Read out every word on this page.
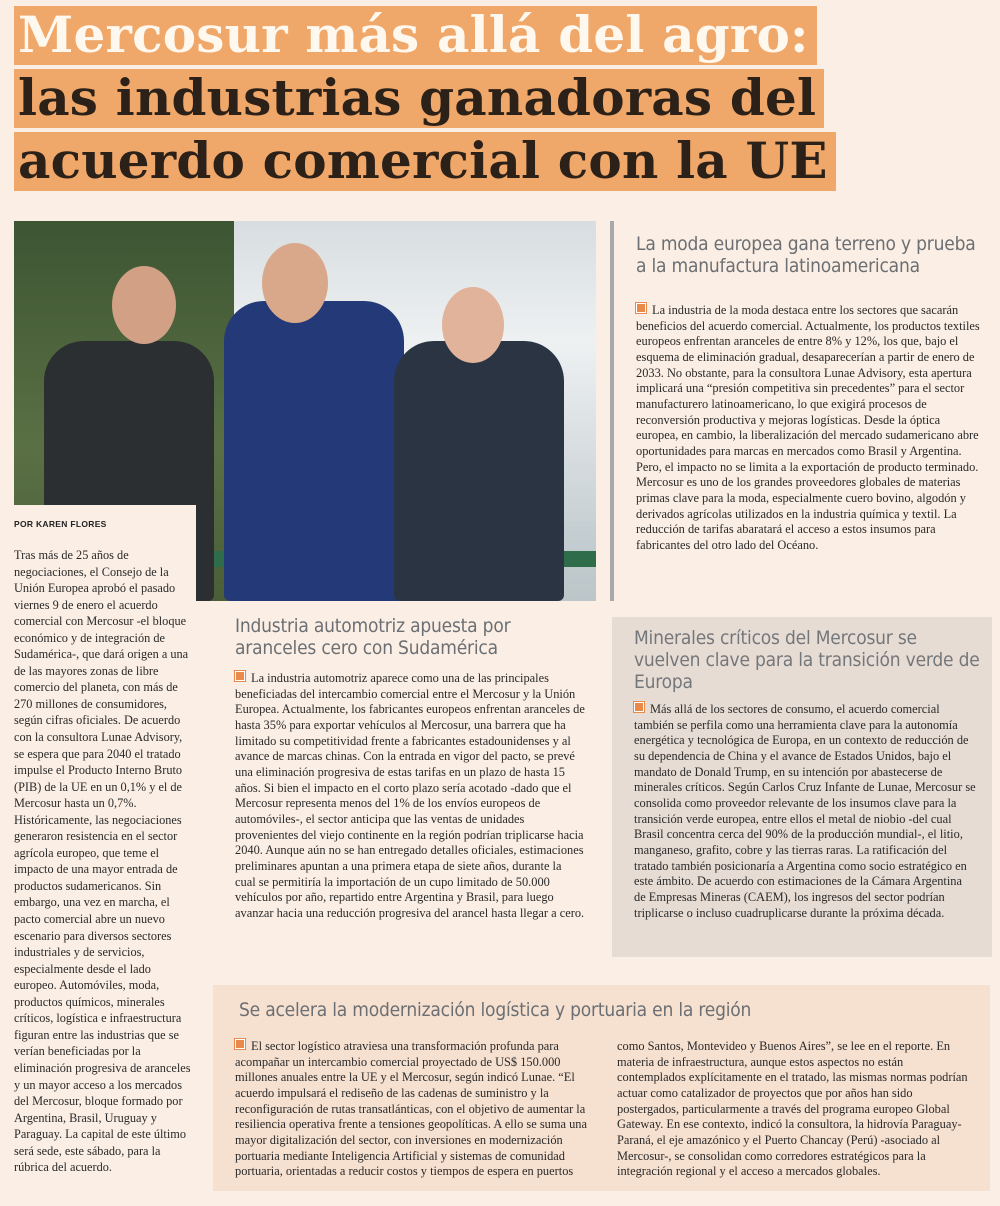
Mercosur más allá del agro:
las industrias ganadoras del
acuerdo comercial con la UE

Tras más de 25 años de negociaciones, el Consejo de la Unión Europea aprobó el pasado viernes 9 de enero el acuerdo comercial con Mercosur -el bloque económico y de integración de Sudamérica-, que dará origen a una de las mayores zonas de libre comercio del planeta, con más de 270 millones de consumidores, según cifras oficiales. De acuerdo con la consultora Lunae Advisory, se espera que para 2040 el tratado impulse el Producto Interno Bruto (PIB) de la UE en un 0,1% y el de Mercosur hasta un 0,7%. Históricamente, las negociaciones generaron resistencia en el sector agrícola europeo, que teme el impacto de una mayor entrada de productos sudamericanos. Sin embargo, una vez en marcha, el pacto comercial abre un nuevo escenario para diversos sectores industriales y de servicios, especialmente desde el lado europeo. Automóviles, moda, productos químicos, minerales críticos, logística e infraestructura figuran entre las industrias que se verían beneficiadas por la eliminación progresiva de aranceles y un mayor acceso a los mercados del Mercosur, bloque formado por Argentina, Brasil, Uruguay y Paraguay. La capital de este último será sede, este sábado, para la rúbrica del acuerdo.

POR KAREN FLORES
La moda europea gana terreno y prueba a la manufactura latinoamericana

La industria de la moda destaca entre los sectores que sacarán beneficios del acuerdo comercial. Actualmente, los productos textiles europeos enfrentan aranceles de entre 8% y 12%, los que, bajo el esquema de eliminación gradual, desaparecerían a partir de enero de 2033. No obstante, para la consultora Lunae Advisory, esta apertura implicará una “presión competitiva sin precedentes” para el sector manufacturero latinoamericano, lo que exigirá procesos de reconversión productiva y mejoras logísticas. Desde la óptica europea, en cambio, la liberalización del mercado sudamericano abre oportunidades para marcas en mercados como Brasil y Argentina. Pero, el impacto no se limita a la exportación de producto terminado. Mercosur es uno de los grandes proveedores globales de materias primas clave para la moda, especialmente cuero bovino, algodón y derivados agrícolas utilizados en la industria química y textil. La reducción de tarifas abaratará el acceso a estos insumos para fabricantes del otro lado del Océano.

Industria automotriz apuesta por aranceles cero con Sudamérica

La industria automotriz aparece como una de las principales beneficiadas del intercambio comercial entre el Mercosur y la Unión Europea. Actualmente, los fabricantes europeos enfrentan aranceles de hasta 35% para exportar vehículos al Mercosur, una barrera que ha limitado su competitividad frente a fabricantes estadounidenses y al avance de marcas chinas. Con la entrada en vigor del pacto, se prevé una eliminación progresiva de estas tarifas en un plazo de hasta 15 años. Si bien el impacto en el corto plazo sería acotado -dado que el Mercosur representa menos del 1% de los envíos europeos de automóviles-, el sector anticipa que las ventas de unidades provenientes del viejo continente en la región podrían triplicarse hacia 2040. Aunque aún no se han entregado detalles oficiales, estimaciones preliminares apuntan a una primera etapa de siete años, durante la cual se permitiría la importación de un cupo limitado de 50.000 vehículos por año, repartido entre Argentina y Brasil, para luego avanzar hacia una reducción progresiva del arancel hasta llegar a cero.

Minerales críticos del Mercosur se vuelven clave para la transición verde de Europa

Más allá de los sectores de consumo, el acuerdo comercial también se perfila como una herramienta clave para la autonomía energética y tecnológica de Europa, en un contexto de reducción de su dependencia de China y el avance de Estados Unidos, bajo el mandato de Donald Trump, en su intención por abastecerse de minerales críticos. Según Carlos Cruz Infante de Lunae, Mercosur se consolida como proveedor relevante de los insumos clave para la transición verde europea, entre ellos el metal de niobio -del cual Brasil concentra cerca del 90% de la producción mundial-, el litio, manganeso, grafito, cobre y las tierras raras. La ratificación del tratado también posicionaría a Argentina como socio estratégico en este ámbito. De acuerdo con estimaciones de la Cámara Argentina de Empresas Mineras (CAEM), los ingresos del sector podrían triplicarse o incluso cuadruplicarse durante la próxima década.

Se acelera la modernización logística y portuaria en la región

El sector logístico atraviesa una transformación profunda para acompañar un intercambio comercial proyectado de US$ 150.000 millones anuales entre la UE y el Mercosur, según indicó Lunae. “El acuerdo impulsará el rediseño de las cadenas de suministro y la reconfiguración de rutas transatlánticas, con el objetivo de aumentar la resiliencia operativa frente a tensiones geopolíticas. A ello se suma una mayor digitalización del sector, con inversiones en modernización portuaria mediante Inteligencia Artificial y sistemas de comunidad portuaria, orientadas a reducir costos y tiempos de espera en puertos

como Santos, Montevideo y Buenos Aires”, se lee en el reporte. En materia de infraestructura, aunque estos aspectos no están contemplados explícitamente en el tratado, las mismas normas podrían actuar como catalizador de proyectos que por años han sido postergados, particularmente a través del programa europeo Global Gateway. En ese contexto, indicó la consultora, la hidrovía Paraguay-Paraná, el eje amazónico y el Puerto Chancay (Perú) -asociado al Mercosur-, se consolidan como corredores estratégicos para la integración regional y el acceso a mercados globales.
